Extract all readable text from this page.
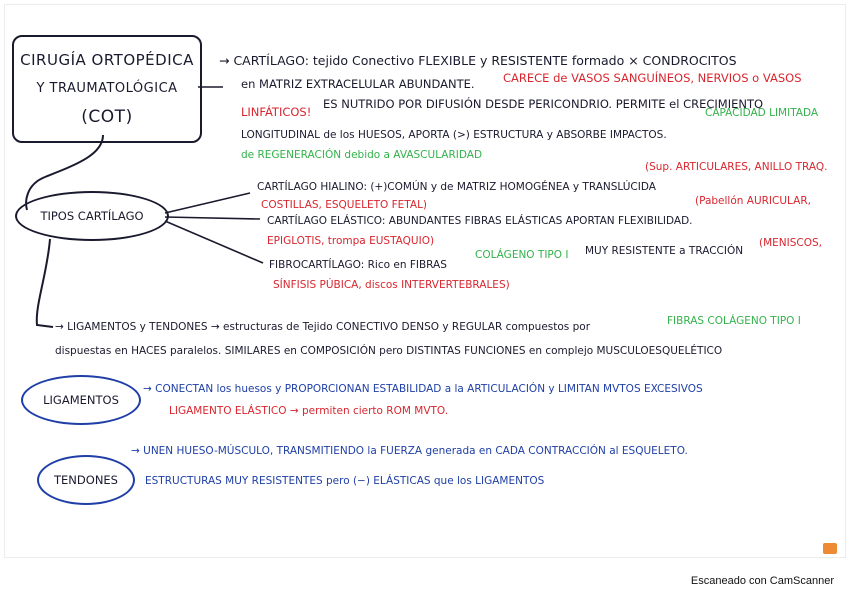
CIRUGÍA ORTOPÉDICA
Y TRAUMATOLÓGICA
(COT)
→ CARTÍLAGO: tejido Conectivo FLEXIBLE y RESISTENTE formado × CONDROCITOS
en MATRIZ EXTRACELULAR ABUNDANTE. CARECE de VASOS SANGUÍNEOS, NERVIOS o VASOS
LINFÁTICOS!
ES NUTRIDO POR DIFUSIÓN DESDE PERICONDRIO. PERMITE el CRECIMIENTO
LONGITUDINAL de los HUESOS, APORTA (>) ESTRUCTURA y ABSORBE IMPACTOS.
CAPACIDAD LIMITADA
de REGENERACIÓN debido a AVASCULARIDAD
TIPOS CARTÍLAGO
CARTÍLAGO HIALINO: (+)COMÚN y de MATRIZ HOMOGÉNEA y TRANSLÚCIDA
(Sup. ARTICULARES, ANILLO TRAQ.
COSTILLAS, ESQUELETO FETAL)
CARTÍLAGO ELÁSTICO: ABUNDANTES FIBRAS ELÁSTICAS APORTAN FLEXIBILIDAD.
(Pabellón AURICULAR,
EPIGLOTIS, trompa EUSTAQUIO)
FIBROCARTÍLAGO: Rico en FIBRAS
COLÁGENO TIPO I MUY RESISTENTE a TRACCIÓN
(MENISCOS,
SÍNFISIS PÚBICA, discos INTERVERTEBRALES)
→ LIGAMENTOS y TENDONES → estructuras de Tejido CONECTIVO DENSO y REGULAR compuestos por	FIBRAS COLÁGENO TIPO I
dispuestas en HACES paralelos. SIMILARES en COMPOSICIÓN pero DISTINTAS FUNCIONES en complejo MUSCULOESQUELÉTICO
LIGAMENTOS
→ CONECTAN los huesos y PROPORCIONAN ESTABILIDAD a la ARTICULACIÓN y LIMITAN MVTOS EXCESIVOS
LIGAMENTO ELÁSTICO → permiten cierto ROM MVTO.
TENDONES
→ UNEN HUESO-MÚSCULO, TRANSMITIENDO la FUERZA generada en CADA CONTRACCIÓN al ESQUELETO.
ESTRUCTURAS MUY RESISTENTES pero (−) ELÁSTICAS que los LIGAMENTOS
Escaneado con CamScanner
